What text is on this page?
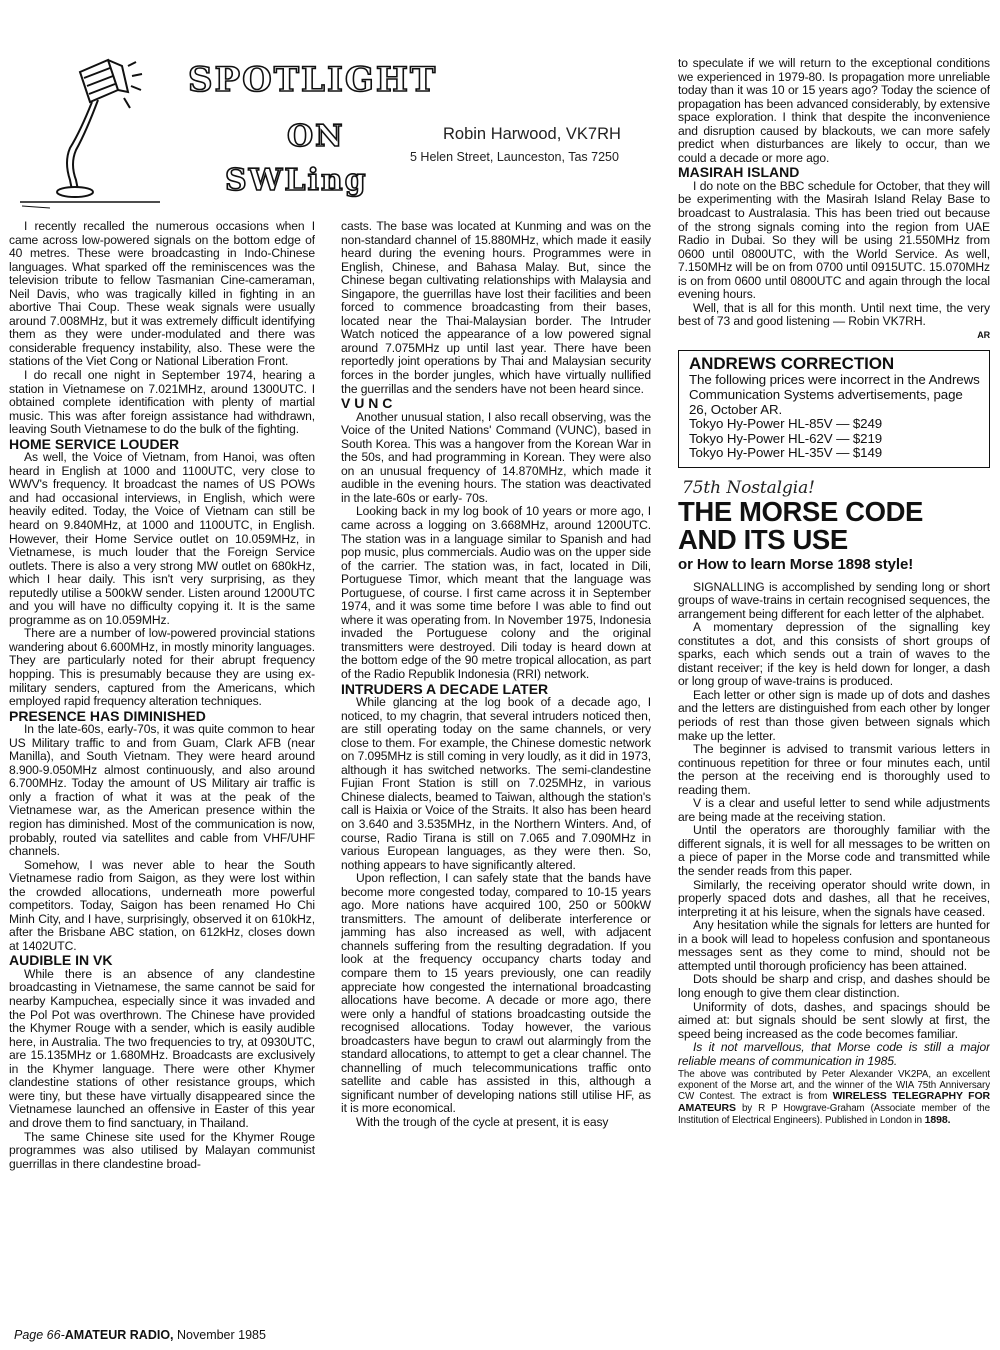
SPOTLIGHT
ON
SWLing
Robin Harwood, VK7RH
5 Helen Street, Launceston, Tas 7250

I recently recalled the numerous occasions when I came across low-powered signals on the bottom edge of 40 metres. These were broadcasting in Indo-Chinese languages. What sparked off the reminiscences was the television tribute to fellow Tasmanian Cine-cameraman, Neil Davis, who was tragically killed in fighting in an abortive Thai Coup. These weak signals were usually around 7.008MHz, but it was extremely difficult identifying them as they were under-modulated and there was considerable frequency instability, also. These were the stations of the Viet Cong or National Liberation Front.

I do recall one night in September 1974, hearing a station in Vietnamese on 7.021MHz, around 1300UTC. I obtained complete identification with plenty of martial music. This was after foreign assistance had withdrawn, leaving South Vietnamese to do the bulk of the fighting.

HOME SERVICE LOUDER

As well, the Voice of Vietnam, from Hanoi, was often heard in English at 1000 and 1100UTC, very close to WWV's frequency. It broadcast the names of US POWs and had occasional interviews, in English, which were heavily edited. Today, the Voice of Vietnam can still be heard on 9.840MHz, at 1000 and 1100UTC, in English. However, their Home Service outlet on 10.059MHz, in Vietnamese, is much louder that the Foreign Service outlets. There is also a very strong MW outlet on 680kHz, which I hear daily. This isn't very surprising, as they reputedly utilise a 500kW sender. Listen around 1200UTC and you will have no difficulty copying it. It is the same programme as on 10.059MHz.

There are a number of low-powered provincial stations wandering about 6.600MHz, in mostly minority languages. They are particularly noted for their abrupt frequency hopping. This is presumably because they are using ex-military senders, captured from the Americans, which employed rapid frequency alteration techniques.

PRESENCE HAS DIMINISHED

In the late-60s, early-70s, it was quite common to hear US Military traffic to and from Guam, Clark AFB (near Manilla), and South Vietnam. They were heard around 8.900-9.050MHz almost continuously, and also around 6.700MHz. Today the amount of US Military air traffic is only a fraction of what it was at the peak of the Vietnamese war, as the American presence within the region has diminished. Most of the communication is now, probably, routed via satellites and cable from VHF/UHF channels.

Somehow, I was never able to hear the South Vietnamese radio from Saigon, as they were lost within the crowded allocations, underneath more powerful competitors. Today, Saigon has been renamed Ho Chi Minh City, and I have, surprisingly, observed it on 610kHz, after the Brisbane ABC station, on 612kHz, closes down at 1402UTC.

AUDIBLE IN VK

While there is an absence of any clandestine broadcasting in Vietnamese, the same cannot be said for nearby Kampuchea, especially since it was invaded and the Pol Pot was overthrown. The Chinese have provided the Khymer Rouge with a sender, which is easily audible here, in Australia. The two frequencies to try, at 0930UTC, are 15.135MHz or 1.680MHz. Broadcasts are exclusively in the Khymer language. There were other Khymer clandestine stations of other resistance groups, which were tiny, but these have virtually disappeared since the Vietnamese launched an offensive in Easter of this year and drove them to find sanctuary, in Thailand.

The same Chinese site used for the Khymer Rouge programmes was also utilised by Malayan communist guerrillas in there clandestine broad-

casts. The base was located at Kunming and was on the non-standard channel of 15.880MHz, which made it easily heard during the evening hours. Programmes were in English, Chinese, and Bahasa Malay. But, since the Chinese began cultivating relationships with Malaysia and Singapore, the guerrillas have lost their facilities and been forced to commence broadcasting from their bases, located near the Thai-Malaysian border. The Intruder Watch noticed the appearance of a low powered signal around 7.075MHz up until last year. There have been reportedly joint operations by Thai and Malaysian security forces in the border jungles, which have virtually nullified the guerrillas and the senders have not been heard since.

V U N C

Another unusual station, I also recall observing, was the Voice of the United Nations' Command (VUNC), based in South Korea. This was a hangover from the Korean War in the 50s, and had programming in Korean. They were also on an unusual frequency of 14.870MHz, which made it audible in the evening hours. The station was deactivated in the late-60s or early- 70s.

Looking back in my log book of 10 years or more ago, I came across a logging on 3.668MHz, around 1200UTC. The station was in a language similar to Spanish and had pop music, plus commercials. Audio was on the upper side of the carrier. The station was, in fact, located in Dili, Portuguese Timor, which meant that the language was Portuguese, of course. I first came across it in September 1974, and it was some time before I was able to find out where it was operating from. In November 1975, Indonesia invaded the Portuguese colony and the original transmitters were destroyed. Dili today is heard down at the bottom edge of the 90 metre tropical allocation, as part of the Radio Republik Indonesia (RRI) network.

INTRUDERS A DECADE LATER

While glancing at the log book of a decade ago, I noticed, to my chagrin, that several intruders noticed then, are still operating today on the same channels, or very close to them. For example, the Chinese domestic network on 7.095MHz is still coming in very loudly, as it did in 1973, although it has switched networks. The semi-clandestine Fujian Front Station is still on 7.025MHz, in various Chinese dialects, beamed to Taiwan, although the station's call is Haixia or Voice of the Straits. It also has been heard on 3.640 and 3.535MHz, in the Northern Winters. And, of course, Radio Tirana is still on 7.065 and 7.090MHz in various European languages, as they were then. So, nothing appears to have significantly altered.

Upon reflection, I can safely state that the bands have become more congested today, compared to 10-15 years ago. More nations have acquired 100, 250 or 500kW transmitters. The amount of deliberate interference or jamming has also increased as well, with adjacent channels suffering from the resulting degradation. If you look at the frequency occupancy charts today and compare them to 15 years previously, one can readily appreciate how congested the international broadcasting allocations have become. A decade or more ago, there were only a handful of stations broadcasting outside the recognised allocations. Today however, the various broadcasters have begun to crawl out alarmingly from the standard allocations, to attempt to get a clear channel. The channelling of much telecommunications traffic onto satellite and cable has assisted in this, although a significant number of developing nations still utilise HF, as it is more economical.

With the trough of the cycle at present, it is easy

to speculate if we will return to the exceptional conditions we experienced in 1979-80. Is propagation more unreliable today than it was 10 or 15 years ago? Today the science of propagation has been advanced considerably, by extensive space exploration. I think that despite the inconvenience and disruption caused by blackouts, we can more safely predict when disturbances are likely to occur, than we could a decade or more ago.

MASIRAH ISLAND

I do note on the BBC schedule for October, that they will be experimenting with the Masirah Island Relay Base to broadcast to Australasia. This has been tried out because of the strong signals coming into the region from UAE Radio in Dubai. So they will be using 21.550MHz from 0600 until 0800UTC, with the World Service. As well, 7.150MHz will be on from 0700 until 0915UTC. 15.070MHz is on from 0600 until 0800UTC and again through the local evening hours.

Well, that is all for this month. Until next time, the very best of 73 and good listening — Robin VK7RH.

AR
ANDREWS CORRECTION
The following prices were incorrect in the Andrews Communication Systems advertisements, page 26, October AR.
Tokyo Hy-Power HL-85V — $249
Tokyo Hy-Power HL-62V — $219
Tokyo Hy-Power HL-35V — $149
75th Nostalgia!
THE MORSE CODE
AND ITS USE
or How to learn Morse 1898 style!

SIGNALLING is accomplished by sending long or short groups of wave-trains in certain recognised sequences, the arrangement being different for each letter of the alphabet.

A momentary depression of the signalling key constitutes a dot, and this consists of short groups of sparks, each which sends out a train of waves to the distant receiver; if the key is held down for longer, a dash or long group of wave-trains is produced.

Each letter or other sign is made up of dots and dashes and the letters are distinguished from each other by longer periods of rest than those given between signals which make up the letter.

The beginner is advised to transmit various letters in continuous repetition for three or four minutes each, until the person at the receiving end is thoroughly used to reading them.

V is a clear and useful letter to send while adjustments are being made at the receiving station.

Until the operators are thoroughly familiar with the different signals, it is well for all messages to be written on a piece of paper in the Morse code and transmitted while the sender reads from this paper.

Similarly, the receiving operator should write down, in properly spaced dots and dashes, all that he receives, interpreting it at his leisure, when the signals have ceased.

Any hesitation while the signals for letters are hunted for in a book will lead to hopeless confusion and spontaneous messages sent as they come to mind, should not be attempted until thorough proficiency has been attained.

Dots should be sharp and crisp, and dashes should be long enough to give them clear distinction.

Uniformity of dots, dashes, and spacings should be aimed at: but signals should be sent slowly at first, the speed being increased as the code becomes familiar.

Is it not marvellous, that Morse code is still a major reliable means of communication in 1985.

The above was contributed by Peter Alexander VK2PA, an excellent exponent of the Morse art, and the winner of the WIA 75th Anniversary CW Contest. The extract is from WIRELESS TELEGRAPHY FOR AMATEURS by R P Howgrave-Graham (Associate member of the Institution of Electrical Engineers). Published in London in 1898.
Page 66-AMATEUR RADIO, November 1985
